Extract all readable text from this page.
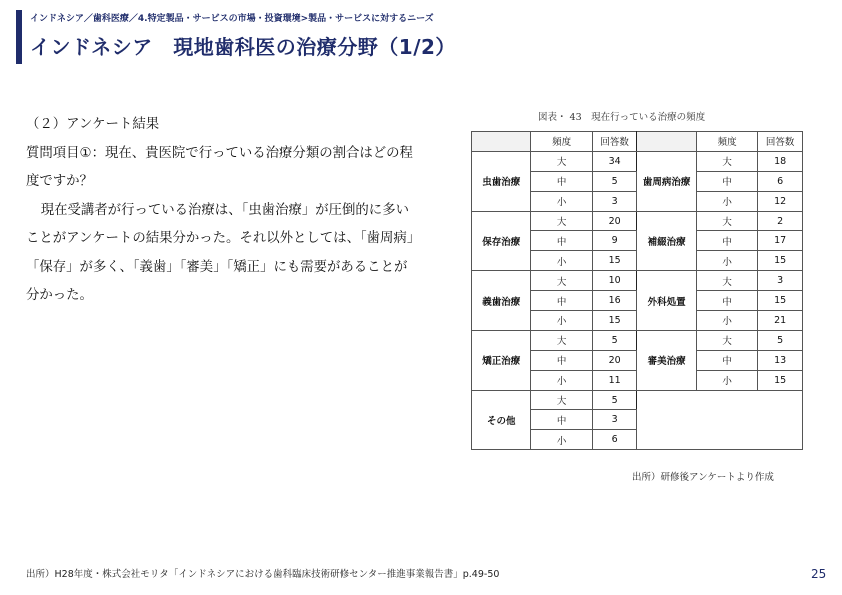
インドネシア／歯科医療／4.特定製品・サービスの市場・投資環境>製品・サービスに対するニーズ
インドネシア　現地歯科医の治療分野（1/2）

（２）アンケート結果

質問項目①：現在、貴医院で行っている治療分類の割合はどの程度ですか？

現在受講者が行っている治療は、「虫歯治療」が圧倒的に多いことがアンケートの結果分かった。それ以外としては、「歯周病」「保存」が多く、「義歯」「審美」「矯正」にも需要があることが分かった。

図表・ 43　現在行っている治療の頻度
	頻度	回答数		頻度	回答数
虫歯治療	大	34	歯周病治療	大	18
	中	5		中	6
	小	3		小	12
保存治療	大	20	補綴治療	大	2
	中	9		中	17
	小	15		小	15
義歯治療	大	10	外科処置	大	3
	中	16		中	15
	小	15		小	21
矯正治療	大	5	審美治療	大	5
	中	20		中	13
	小	11		小	15
その他	大	5			
	中	3			
	小	6			
出所）研修後アンケートより作成
出所）H28年度・株式会社モリタ「インドネシアにおける歯科臨床技術研修センター推進事業報告書」p.49-50	25
